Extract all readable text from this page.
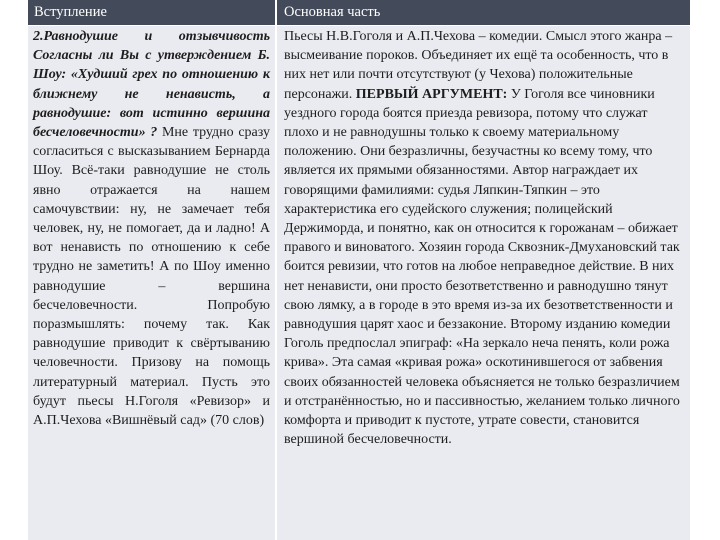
Вступление	Основная часть

2.Равнодушие и отзывчивость Согласны ли Вы с утверждением Б. Шоу: «Худший грех по отношению к ближнему не ненависть, а равнодушие: вот истинно вершина бесчеловечности» ? Мне трудно сразу согласиться с высказыванием Бернарда Шоу. Всё-таки равнодушие не столь явно отражается на нашем самочувствии: ну, не замечает тебя человек, ну, не помогает, да и ладно! А вот ненависть по отношению к себе трудно не заметить! А по Шоу именно равнодушие – вершина бесчеловечности. Попробую поразмышлять: почему так. Как равнодушие приводит к свёртыванию человечности. Призову на помощь литературный материал. Пусть это будут пьесы Н.Гоголя «Ревизор» и А.П.Чехова «Вишнёвый сад» (70 слов)

Пьесы Н.В.Гоголя и А.П.Чехова – комедии. Смысл этого жанра – высмеивание пороков. Объединяет их ещё та особенность, что в них нет или почти отсутствуют (у Чехова) положительные персонажи. ПЕРВЫЙ АРГУМЕНТ: У Гоголя все чиновники уездного города боятся приезда ревизора, потому что служат плохо и не равнодушны только к своему материальному положению. Они безразличны, безучастны ко всему тому, что является их прямыми обязанностями. Автор награждает их говорящими фамилиями: судья Ляпкин-Тяпкин – это характеристика его судейского служения; полицейский Держиморда, и понятно, как он относится к горожанам – обижает правого и виноватого. Хозяин города Сквозник-Дмухановский так боится ревизии, что готов на любое неправедное действие. В них нет ненависти, они просто безответственно и равнодушно тянут свою лямку, а в городе в это время из-за их безответственности и равнодушия царят хаос и беззаконие. Второму изданию комедии Гоголь предпослал эпиграф: «На зеркало неча пенять, коли рожа крива». Эта самая «кривая рожа» оскотинившегося от забвения своих обязанностей человека объясняется не только безразличием и отстранённостью, но и пассивностью, желанием только личного комфорта и приводит к пустоте, утрате совести, становится вершиной бесчеловечности.
